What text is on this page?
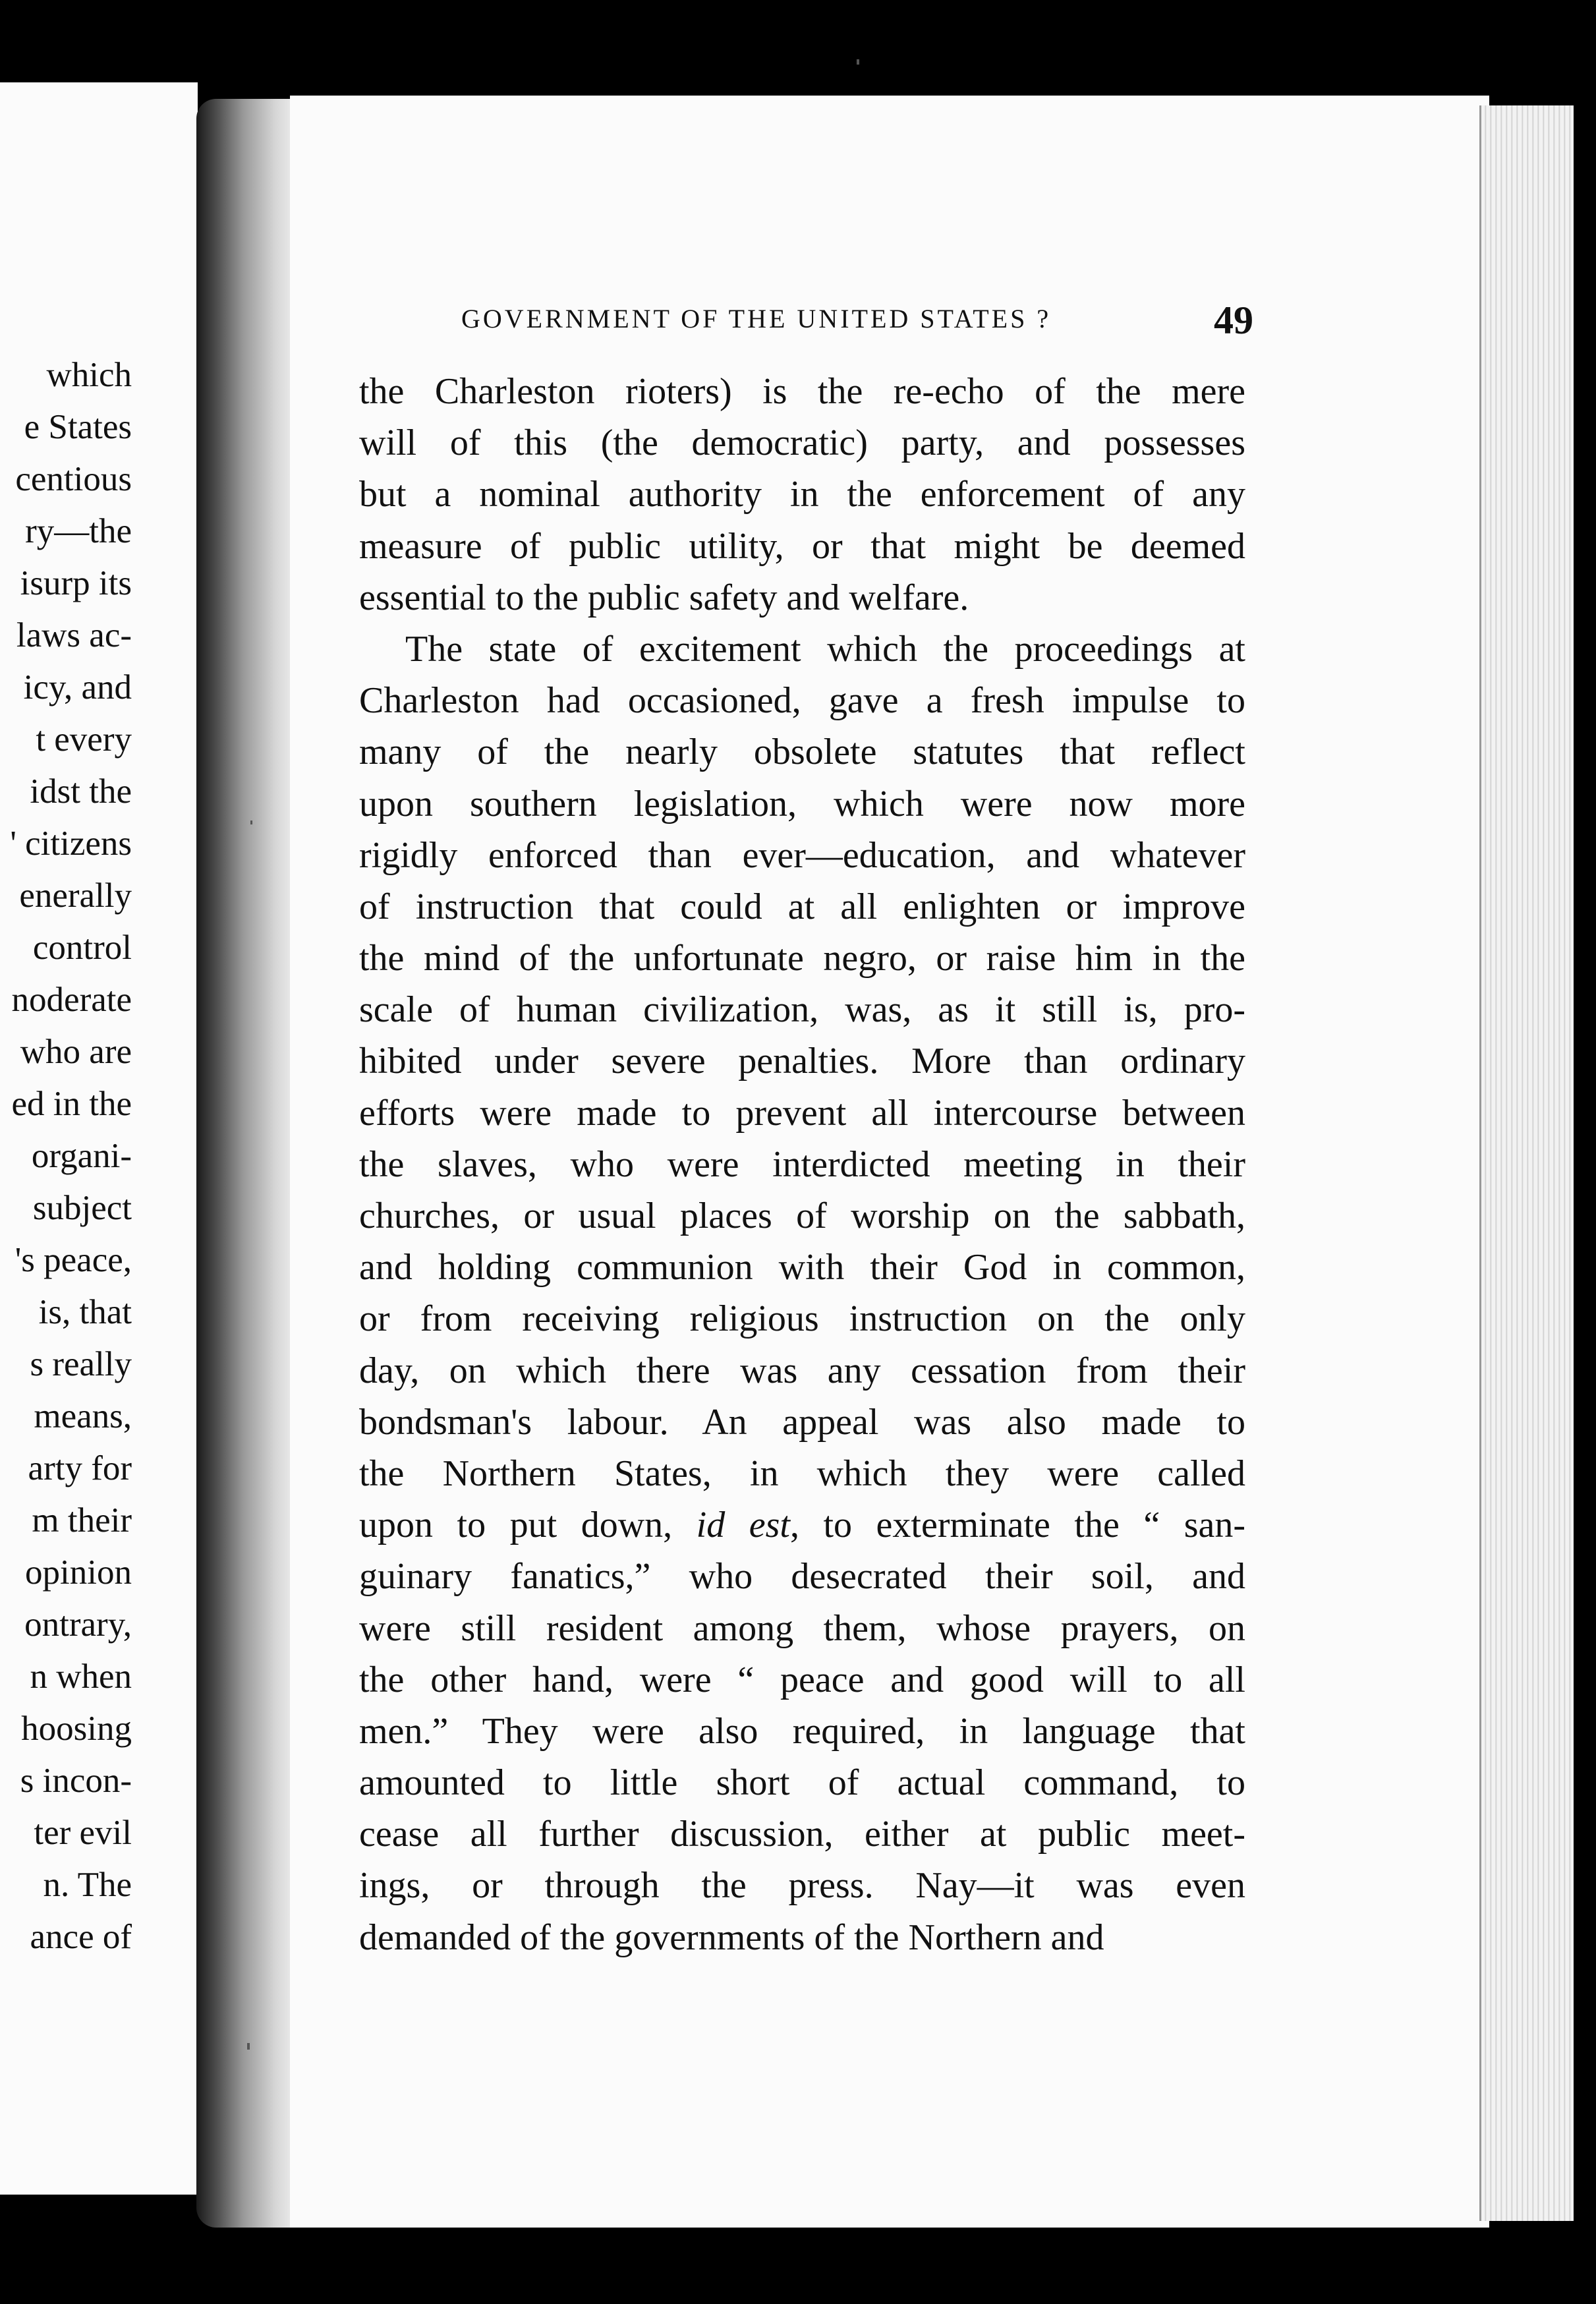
which
e States
centious
ry—the
isurp its
laws ac-
icy, and
t every
idst the
' citizens
enerally
control
noderate
who are
ed in the
organi-
subject
's peace,
is, that
s really
means,
arty for
m their
opinion
ontrary,
n when
hoosing
s incon-
ter evil
n. The
ance of
GOVERNMENT OF THE UNITED STATES ?	49
the Charleston rioters) is the re-echo of the mere
will of this (the democratic) party, and possesses
but a nominal authority in the enforcement of any
measure of public utility, or that might be deemed
essential to the public safety and welfare.
The state of excitement which the proceedings at
Charleston had occasioned, gave a fresh impulse to
many of the nearly obsolete statutes that reflect
upon southern legislation, which were now more
rigidly enforced than ever—education, and whatever
of instruction that could at all enlighten or improve
the mind of the unfortunate negro, or raise him in the
scale of human civilization, was, as it still is, pro-
hibited under severe penalties. More than ordinary
efforts were made to prevent all intercourse between
the slaves, who were interdicted meeting in their
churches, or usual places of worship on the sabbath,
and holding communion with their God in common,
or from receiving religious instruction on the only
day, on which there was any cessation from their
bondsman's labour. An appeal was also made to
the Northern States, in which they were called
upon to put down, id est, to exterminate the “ san-
guinary fanatics,” who desecrated their soil, and
were still resident among them, whose prayers, on
the other hand, were “ peace and good will to all
men.” They were also required, in language that
amounted to little short of actual command, to
cease all further discussion, either at public meet-
ings, or through the press. Nay—it was even
demanded of the governments of the Northern and
